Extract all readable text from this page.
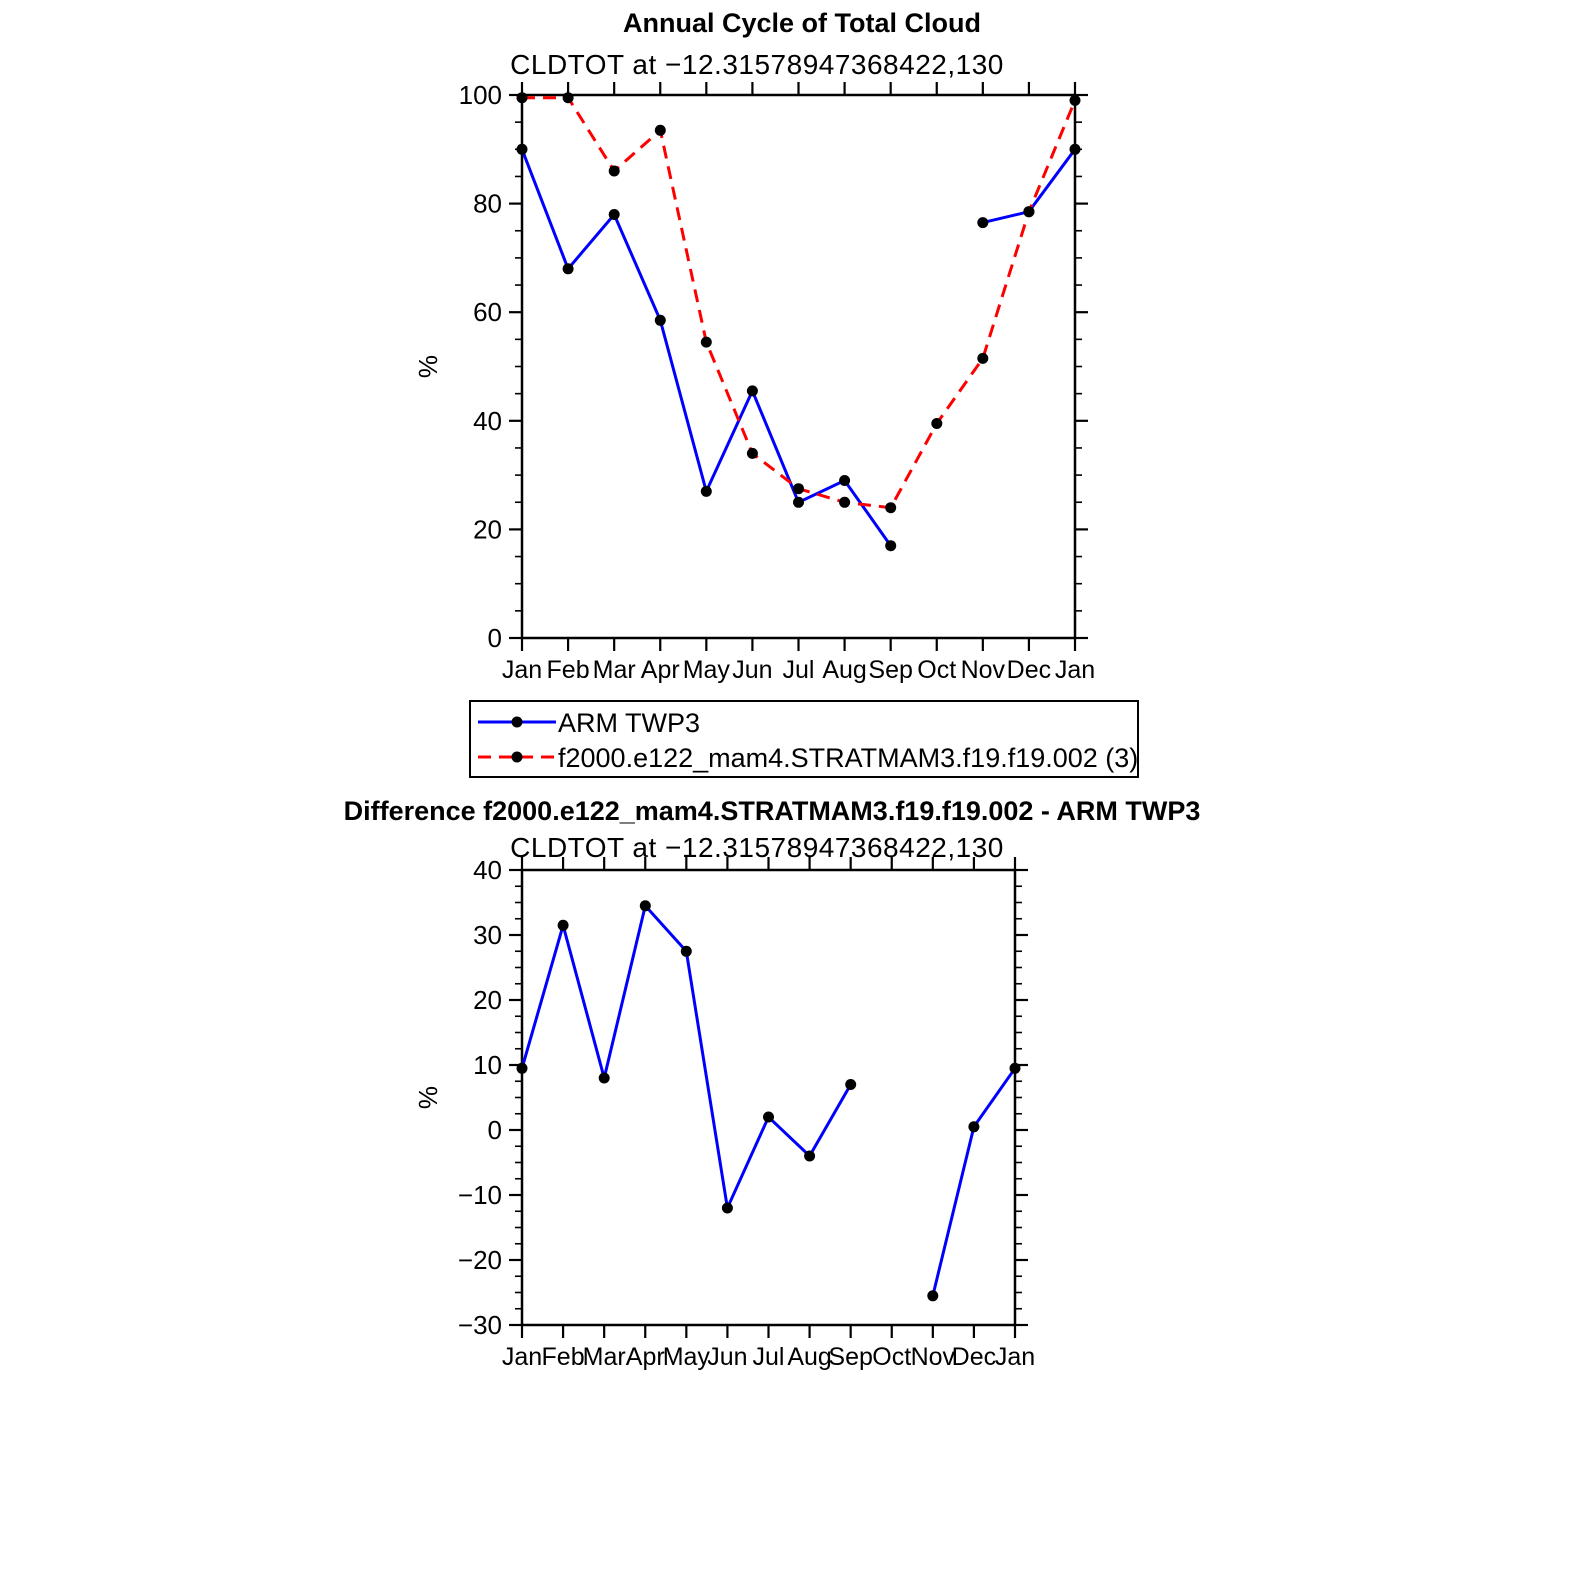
Annual Cycle of Total Cloud
CLDTOT at −12.31578947368422,130
0
20
40
60
80
100
Jan Feb Mar Apr May Jun Jul Aug Sep Oct Nov Dec Jan
%
ARM TWP3
f2000.e122_mam4.STRATMAM3.f19.f19.002 (3)
Difference f2000.e122_mam4.STRATMAM3.f19.f19.002 - ARM TWP3
CLDTOT at −12.31578947368422,130
−30
−20
−10
0
10
20
30
40
Jan Feb
Mar Apr
May
Jun Jul Aug
Sep Oct Nov
Dec
Jan
%
